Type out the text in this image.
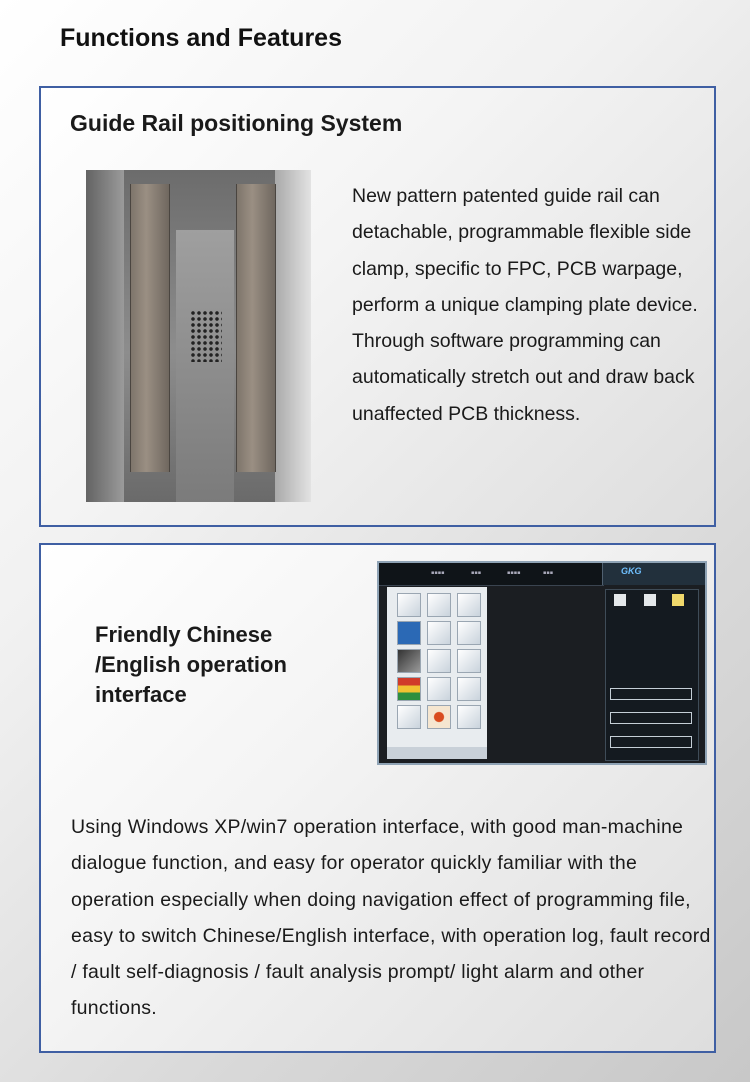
Functions and Features
Guide Rail positioning System

New pattern patented guide rail can detachable, programmable flexible side clamp, specific to FPC, PCB warpage, perform a unique clamping plate device. Through software programming can automatically stretch out and draw back unaffected PCB thickness.

Friendly Chinese
/English operation
interface
▪▪▪▪	▪▪▪	▪▪▪▪	▪▪▪	GKG

Using Windows XP/win7 operation interface, with good man-machine dialogue function, and easy for operator quickly familiar with the operation especially when doing navigation effect of programming file, easy to switch Chinese/English interface, with operation log, fault record / fault self-diagnosis / fault analysis prompt/ light alarm and other functions.
